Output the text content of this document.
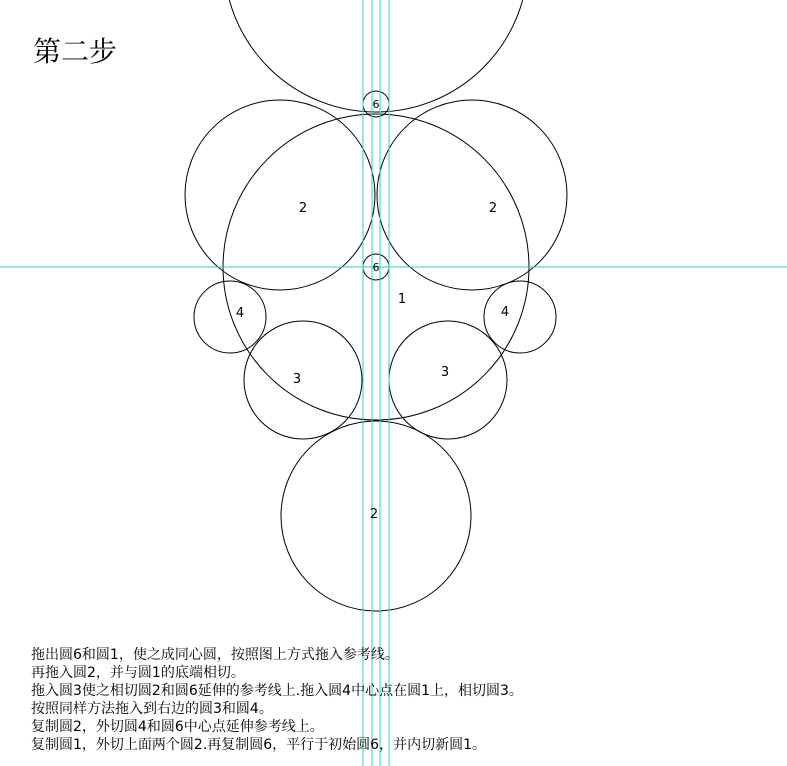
6
6
2	2
1
4	4
3	3
2
第二步
拖出圆6和圆1，使之成同心圆，按照图上方式拖入参考线。
再拖入圆2，并与圆1的底端相切。
拖入圆3使之相切圆2和圆6延伸的参考线上.拖入圆4中心点在圆1上，相切圆3。
按照同样方法拖入到右边的圆3和圆4。
复制圆2，外切圆4和圆6中心点延伸参考线上。
复制圆1，外切上面两个圆2.再复制圆6，平行于初始圆6，并内切新圆1。
